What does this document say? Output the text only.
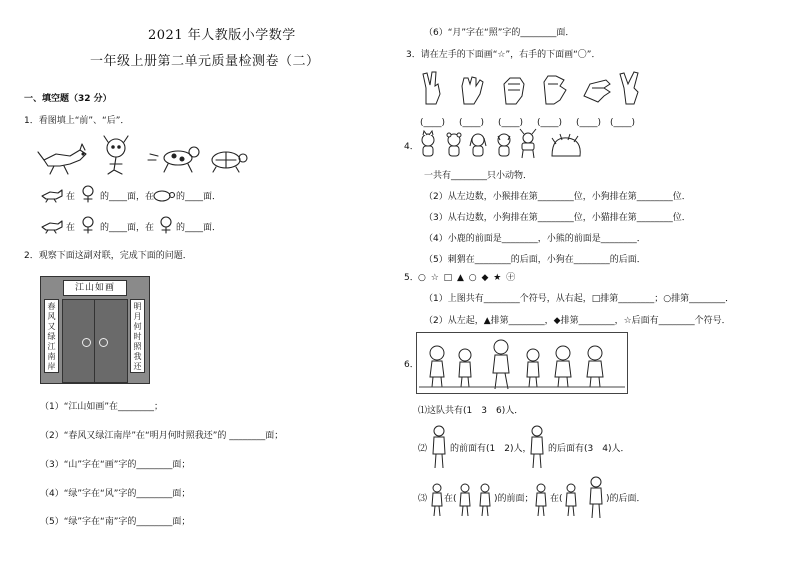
2021 年人教版小学数学
一年级上册第二单元质量检测卷（二）
一、填空题（32 分）
1．看图填上“前”、“后”．
在	的____面，在 的____面．
在	的____面，在 的____面．
2．观察下面这副对联，完成下面的问题．
江山如画
春
风
又
绿
江
南
岸
明
月
何
时
照
我
还
（1）“江山如画”在________；
（2）“春风又绿江南岸”在“明月何时照我还”的 ________面；
（3）“山”字在“画”字的________面；
（4）“绿”字在“风”字的________面；
（5）“绿”字在“南”字的________面；
（6）“月”字在“照”字的________面．
3．请在左手的下面画“☆”，右手的下面画“〇”．
(____) (____) (____) (____) (____) (____)
4．
一共有________只小动物．
（2）从左边数，小猴排在第________位，小狗排在第________位．
（3）从右边数，小狗排在第________位，小猫排在第________位．
（4）小鹿的前面是________，小熊的前面是________．
（5）刺猬在________的后面，小狗在________的后面．
5． ○ ☆ □ ▲ ○ ◆ ★ ㊉
（1）上图共有________个符号，从右起，□排第________；○排第________．
（2）从左起，▲排第________，◆排第________，☆后面有________个符号．
6．
⑴这队共有(1　3　6)人．
⑵	的前面有(1　2)人， 的后面有(3　4)人．
⑶ 在(	)的前面； 在(	)的后面．
